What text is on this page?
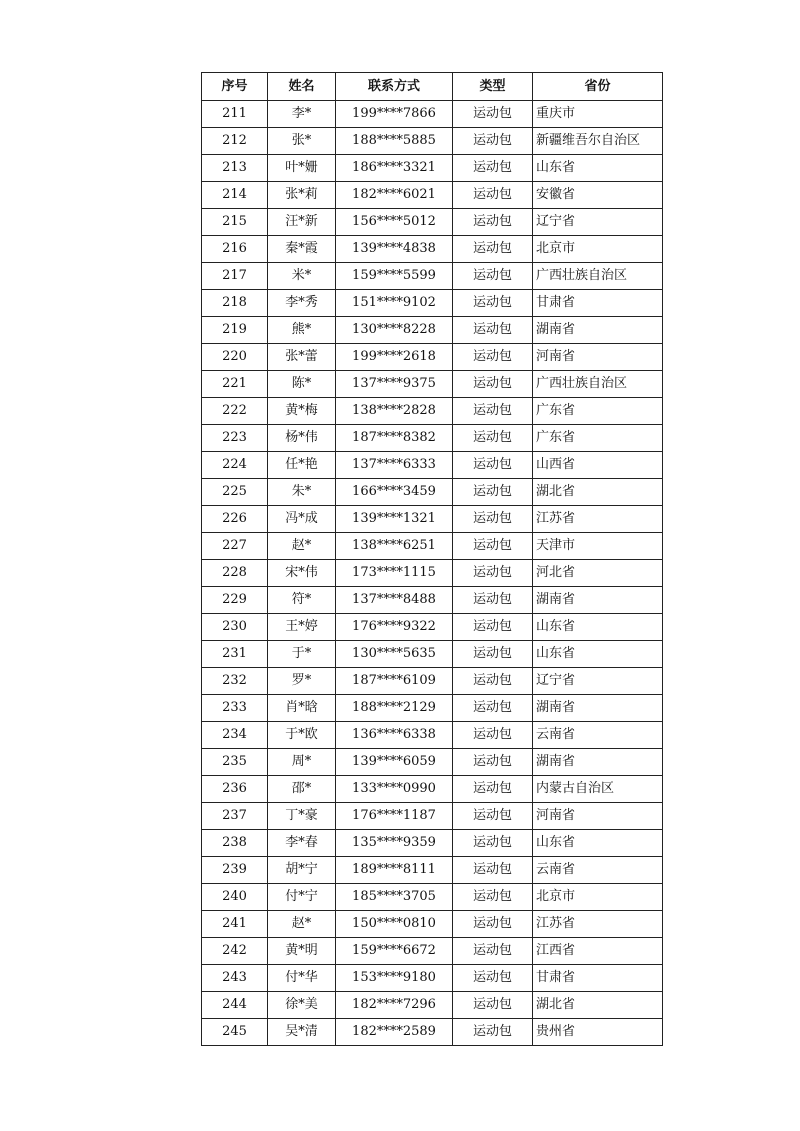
序号	姓名	联系方式	类型	省份
211	李*	199****7866	运动包	重庆市
212	张*	188****5885	运动包	新疆维吾尔自治区
213	叶*姗	186****3321	运动包	山东省
214	张*莉	182****6021	运动包	安徽省
215	汪*新	156****5012	运动包	辽宁省
216	秦*霞	139****4838	运动包	北京市
217	米*	159****5599	运动包	广西壮族自治区
218	李*秀	151****9102	运动包	甘肃省
219	熊*	130****8228	运动包	湖南省
220	张*蕾	199****2618	运动包	河南省
221	陈*	137****9375	运动包	广西壮族自治区
222	黄*梅	138****2828	运动包	广东省
223	杨*伟	187****8382	运动包	广东省
224	任*艳	137****6333	运动包	山西省
225	朱*	166****3459	运动包	湖北省
226	冯*成	139****1321	运动包	江苏省
227	赵*	138****6251	运动包	天津市
228	宋*伟	173****1115	运动包	河北省
229	符*	137****8488	运动包	湖南省
230	王*婷	176****9322	运动包	山东省
231	于*	130****5635	运动包	山东省
232	罗*	187****6109	运动包	辽宁省
233	肖*晗	188****2129	运动包	湖南省
234	于*欧	136****6338	运动包	云南省
235	周*	139****6059	运动包	湖南省
236	邵*	133****0990	运动包	内蒙古自治区
237	丁*豪	176****1187	运动包	河南省
238	李*春	135****9359	运动包	山东省
239	胡*宁	189****8111	运动包	云南省
240	付*宁	185****3705	运动包	北京市
241	赵*	150****0810	运动包	江苏省
242	黄*明	159****6672	运动包	江西省
243	付*华	153****9180	运动包	甘肃省
244	徐*美	182****7296	运动包	湖北省
245	吴*清	182****2589	运动包	贵州省
